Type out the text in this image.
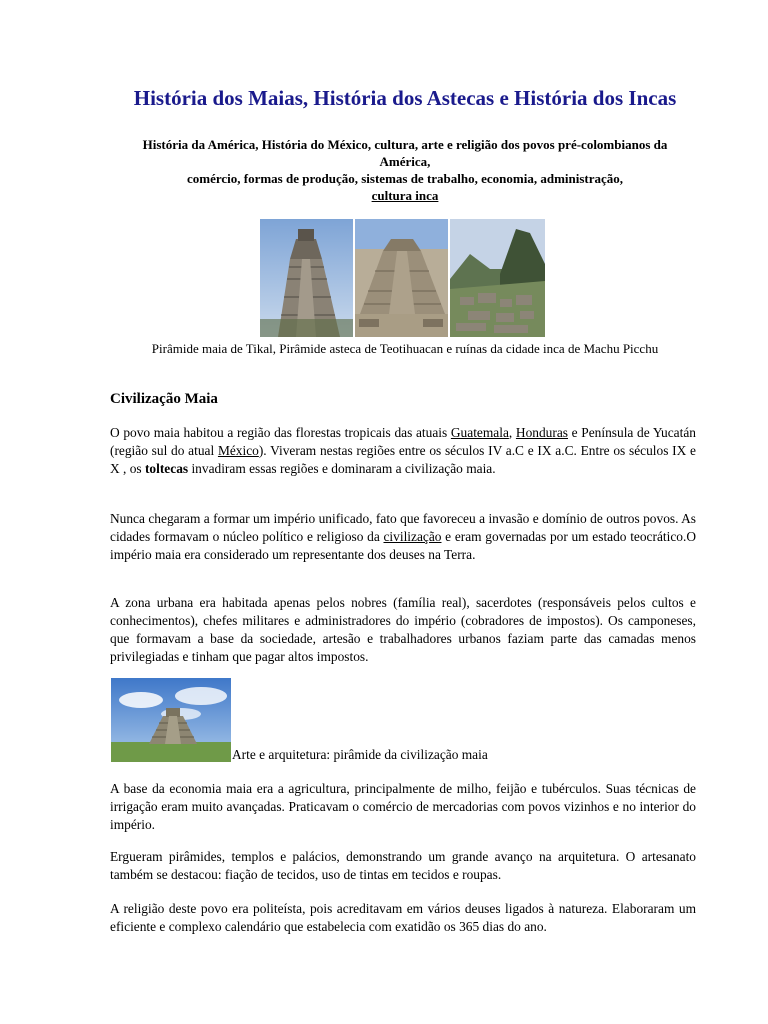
História dos Maias, História dos Astecas e História dos Incas

História da América, História do México, cultura, arte e religião dos povos pré-colombianos da América,
comércio, formas de produção, sistemas de trabalho, economia, administração,
cultura inca

Pirâmide maia de Tikal, Pirâmide asteca de Teotihuacan e ruínas da cidade inca de Machu Picchu

Civilização Maia

O povo maia habitou a região das florestas tropicais das atuais Guatemala, Honduras e Península de Yucatán (região sul do atual México). Viveram nestas regiões entre os séculos IV a.C e IX a.C. Entre os séculos IX e X , os toltecas invadiram essas regiões e dominaram a civilização maia.

Nunca chegaram a formar um império unificado, fato que favoreceu a invasão e domínio de outros povos. As cidades formavam o núcleo político e religioso da civilização e eram governadas por um estado teocrático.O império maia era considerado um representante dos deuses na Terra.

A zona urbana era habitada apenas pelos nobres (família real), sacerdotes (responsáveis pelos cultos e conhecimentos), chefes militares e administradores do império (cobradores de impostos). Os camponeses, que formavam a base da sociedade, artesão e trabalhadores urbanos faziam parte das camadas menos privilegiadas e tinham que pagar altos impostos.

Arte e arquitetura: pirâmide da civilização maia

A base da economia maia era a agricultura, principalmente de milho, feijão e tubérculos. Suas técnicas de irrigação eram muito avançadas. Praticavam o comércio de mercadorias com povos vizinhos e no interior do império.

Ergueram pirâmides, templos e palácios, demonstrando um grande avanço na arquitetura. O artesanato também se destacou: fiação de tecidos, uso de tintas em tecidos e roupas.

A religião deste povo era politeísta, pois acreditavam em vários deuses ligados à natureza. Elaboraram um eficiente e complexo calendário que estabelecia com exatidão os 365 dias do ano.
